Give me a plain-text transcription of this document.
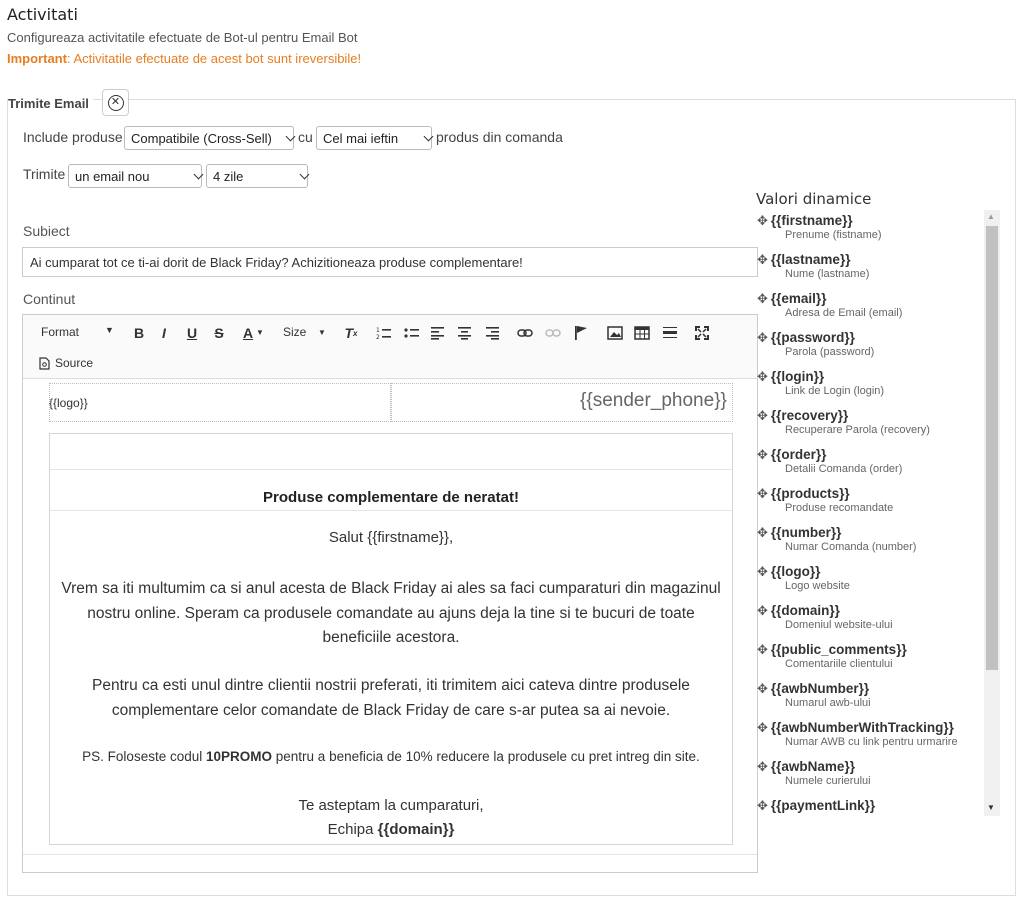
Activitati
Configureaza activitatile efectuate de Bot-ul pentru Email Bot
Important: Activitatile efectuate de acest bot sunt ireversibile!
Trimite Email	✕
Include produse Compatibile (Cross-Sell) cu Cel mai ieftin	produs din comanda
Trimite un email nou	4 zile
Subiect
Ai cumparat tot ce ti-ai dorit de Black Friday? Achizitioneaza produse complementare!
Continut
Format	▼ B	I	U S A ▼ Size ▼ T x	1
2
Source
{{logo}}	{{sender_phone}}
Produse complementare de neratat!
Salut {{firstname}},
Vrem sa iti multumim ca si anul acesta de Black Friday ai ales sa faci cumparaturi din magazinul nostru online. Speram ca produsele comandate au ajuns deja la tine si te bucuri de toate beneficiile acestora.
Pentru ca esti unul dintre clientii nostrii preferati, iti trimitem aici cateva dintre produsele complementare celor comandate de Black Friday de care s-ar putea sa ai nevoie.
PS. Foloseste codul 10PROMO pentru a beneficia de 10% reducere la produsele cu pret intreg din site.
Te asteptam la cumparaturi,
Echipa {{domain}}
Valori dinamice
✥ {{firstname}}
Prenume (fistname)
✥ {{lastname}}
Nume (lastname)
✥ {{email}}
Adresa de Email (email)
✥ {{password}}
Parola (password)
✥ {{login}}
Link de Login (login)
✥ {{recovery}}
Recuperare Parola (recovery)
✥ {{order}}
Detalii Comanda (order)
✥ {{products}}
Produse recomandate
✥ {{number}}
Numar Comanda (number)
✥ {{logo}}
Logo website
✥ {{domain}}
Domeniul website-ului
✥ {{public_comments}}
Comentariile clientului
✥ {{awbNumber}}
Numarul awb-ului
✥ {{awbNumberWithTracking}}
Numar AWB cu link pentru urmarire
✥ {{awbName}}
Numele curierului
✥ {{paymentLink}}
▲
▼
